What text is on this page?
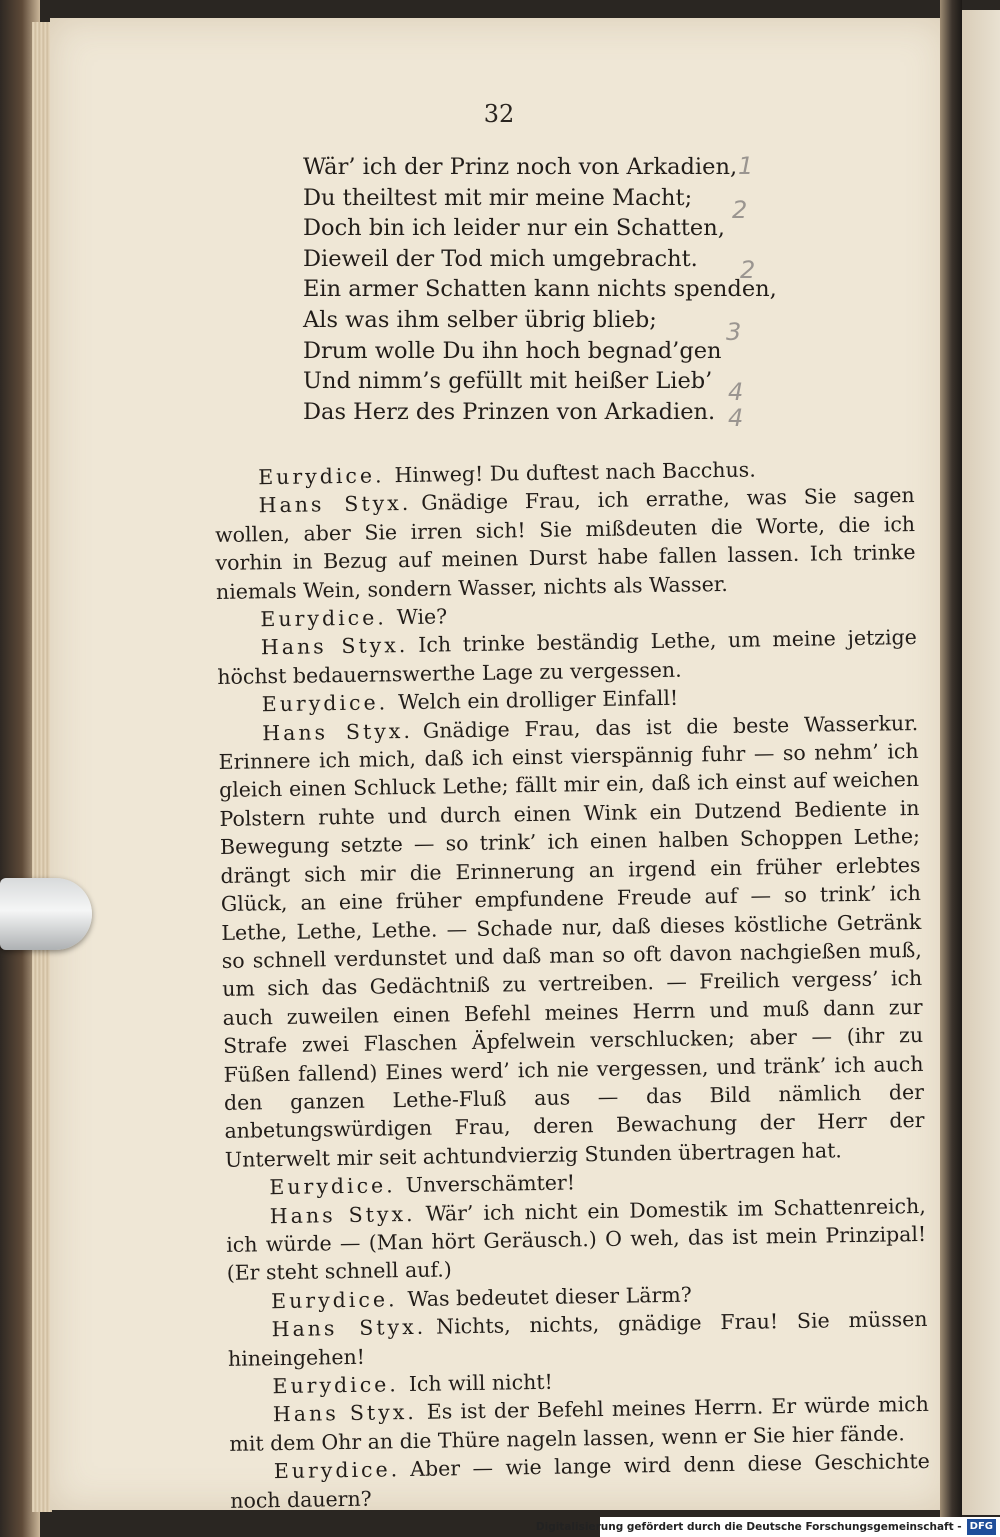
32
Wär’ ich der Prinz noch von Arkadien,
Du theiltest mit mir meine Macht;
Doch bin ich leider nur ein Schatten,
Dieweil der Tod mich umgebracht.
Ein armer Schatten kann nichts spenden,
Als was ihm selber übrig blieb;
Drum wolle Du ihn hoch begnad’gen
Und nimm’s gefüllt mit heißer Lieb’
Das Herz des Prinzen von Arkadien.
1
2
2
3
4
4

Eurydice. Hinweg! Du duftest nach Bacchus.

Hans Styx. Gnädige Frau, ich errathe, was Sie sagen wollen, aber Sie irren sich! Sie mißdeuten die Worte, die ich vorhin in Bezug auf meinen Durst habe fallen lassen. Ich trinke niemals Wein, sondern Wasser, nichts als Wasser.

Eurydice. Wie?

Hans Styx. Ich trinke beständig Lethe, um meine jetzige höchst bedauernswerthe Lage zu vergessen.

Eurydice. Welch ein drolliger Einfall!

Hans Styx. Gnädige Frau, das ist die beste Wasserkur. Erinnere ich mich, daß ich einst vierspännig fuhr — so nehm’ ich gleich einen Schluck Lethe; fällt mir ein, daß ich einst auf weichen Polstern ruhte und durch einen Wink ein Dutzend Bediente in Bewegung setzte — so trink’ ich einen halben Schoppen Lethe; drängt sich mir die Erinnerung an irgend ein früher erlebtes Glück, an eine früher empfundene Freude auf — so trink’ ich Lethe, Lethe, Lethe. — Schade nur, daß dieses köstliche Getränk so schnell verdunstet und daß man so oft davon nachgießen muß, um sich das Gedächtniß zu vertreiben. — Freilich vergess’ ich auch zuweilen einen Befehl meines Herrn und muß dann zur Strafe zwei Flaschen Äpfelwein verschlucken; aber — (ihr zu Füßen fallend) Eines werd’ ich nie vergessen, und tränk’ ich auch den ganzen Lethe-Fluß aus — das Bild nämlich der anbetungswürdigen Frau, deren Bewachung der Herr der Unterwelt mir seit achtundvierzig Stunden übertragen hat.

Eurydice. Unverschämter!

Hans Styx. Wär’ ich nicht ein Domestik im Schattenreich, ich würde — (Man hört Geräusch.) O weh, das ist mein Prinzipal! (Er steht schnell auf.)

Eurydice. Was bedeutet dieser Lärm?

Hans Styx. Nichts, nichts, gnädige Frau! Sie müssen hineingehen!

Eurydice. Ich will nicht!

Hans Styx. Es ist der Befehl meines Herrn. Er würde mich mit dem Ohr an die Thüre nageln lassen, wenn er Sie hier fände.

Eurydice. Aber — wie lange wird denn diese Geschichte noch dauern?

Digitalisierung gefördert durch die Deutsche Forschungsgemeinschaft - DFG
